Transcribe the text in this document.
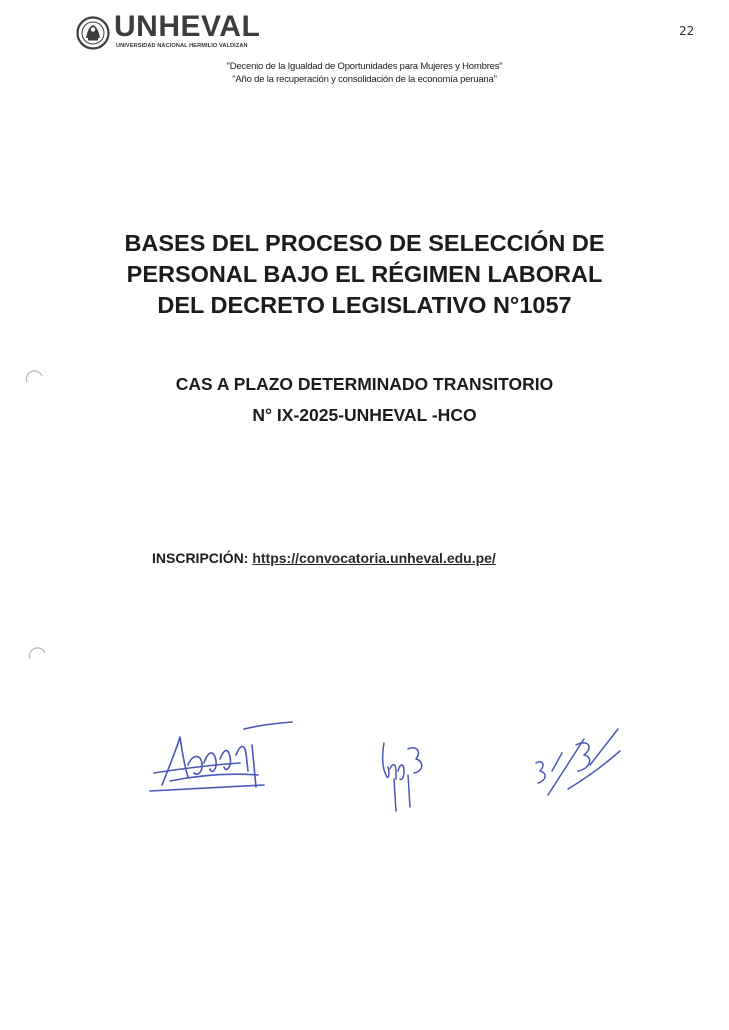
UNHEVAL
UNIVERSIDAD NACIONAL HERMILIO VALDIZAN
22
"Decenio de la Igualdad de Oportunidades para Mujeres y Hombres"
"Año de la recuperación y consolidación de la economía peruana"
BASES DEL PROCESO DE SELECCIÓN DE
PERSONAL BAJO EL RÉGIMEN LABORAL
DEL DECRETO LEGISLATIVO N°1057
CAS A PLAZO DETERMINADO TRANSITORIO
N° IX-2025-UNHEVAL -HCO
INSCRIPCIÓN: https://convocatoria.unheval.edu.pe/
